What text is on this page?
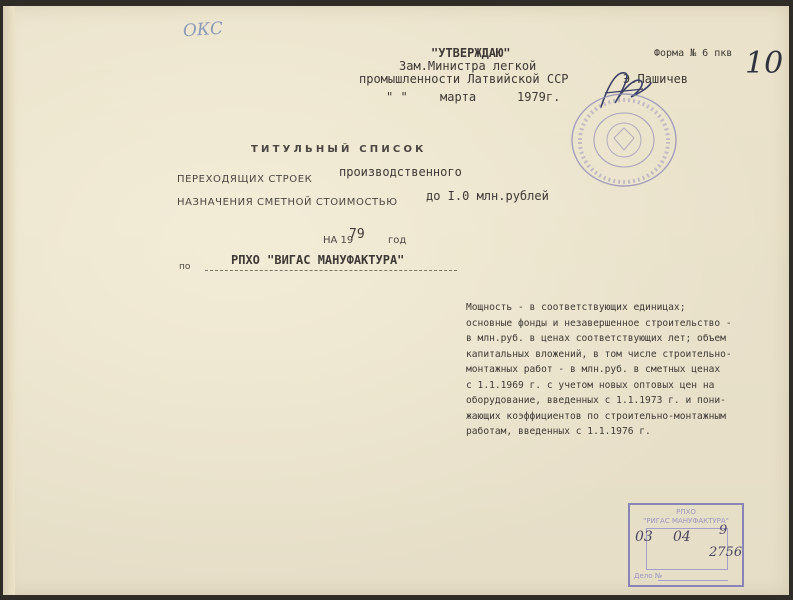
ОКС
10
"УТВЕРЖДАЮ"
Зам.Министра легкой
промышленности Латвийской ССР
" "	марта	1979г.
Форма № 6 пкв
Э.Пашичев
ТИТУЛЬНЫЙ СПИСОК
ПЕРЕХОДЯЩИХ СТРОЕК
производственного
НАЗНАЧЕНИЯ СМЕТНОЙ СТОИМОСТЬЮ до I.0 млн.рублей
НА 19
79 год
по	РПХО "ВИГАС МАНУФАКТУРА"
Мощность - в соответствующих единицах;
основные фонды и незавершенное строительство -
в млн.руб. в ценах соответствующих лет; объем
капитальных вложений, в том числе строительно-
монтажных работ - в млн.руб. в сметных ценах
с 1.1.1969 г. с учетом новых оптовых цен на
оборудование, введенных с 1.1.1973 г. и пони-
жающих коэффициентов по строительно-монтажным
работам, введенных с 1.1.1976 г.
РПХО
"РИГАС МАНУФАКТУРА"
03 04 9
2756
Дело №
